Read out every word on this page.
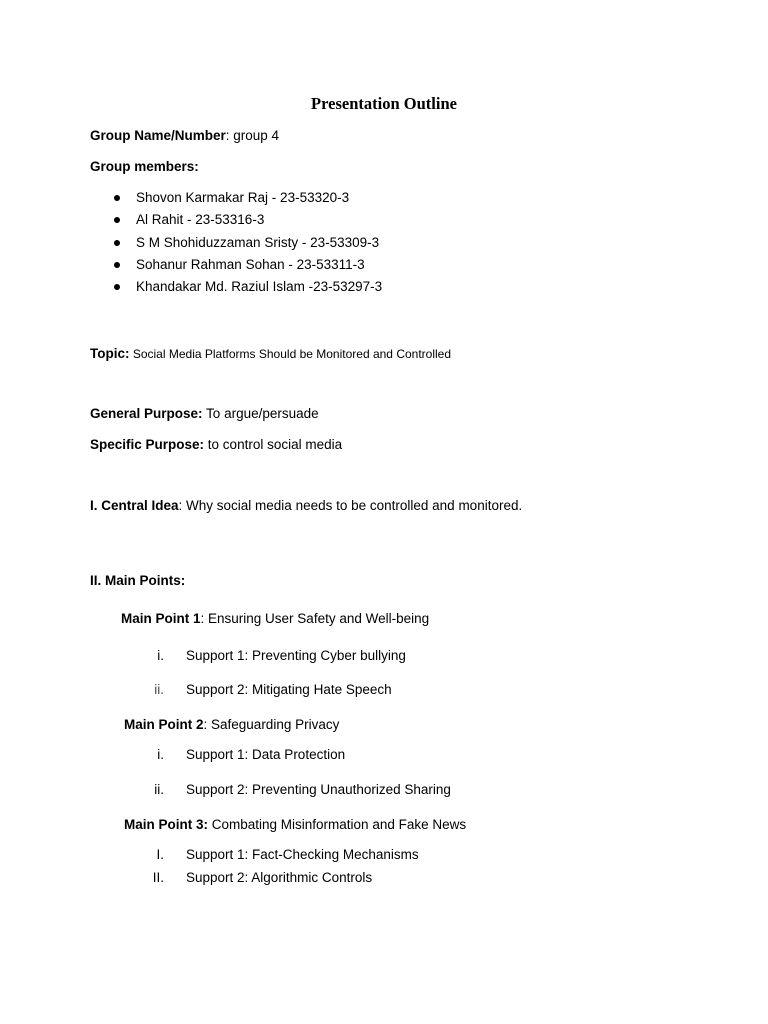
Presentation Outline
Group Name/Number: group 4
Group members:
Shovon Karmakar Raj - 23-53320-3
Al Rahit - 23-53316-3
S M Shohiduzzaman Sristy - 23-53309-3
Sohanur Rahman Sohan - 23-53311-3
Khandakar Md. Raziul Islam -23-53297-3
Topic: Social Media Platforms Should be Monitored and Controlled
General Purpose: To argue/persuade
Specific Purpose: to control social media
I. Central Idea: Why social media needs to be controlled and monitored.
II. Main Points:
Main Point 1: Ensuring User Safety and Well-being
i. Support 1: Preventing Cyber bullying
ii. Support 2: Mitigating Hate Speech
Main Point 2: Safeguarding Privacy
i. Support 1: Data Protection
ii. Support 2: Preventing Unauthorized Sharing
Main Point 3: Combating Misinformation and Fake News
I. Support 1: Fact-Checking Mechanisms
II. Support 2: Algorithmic Controls
